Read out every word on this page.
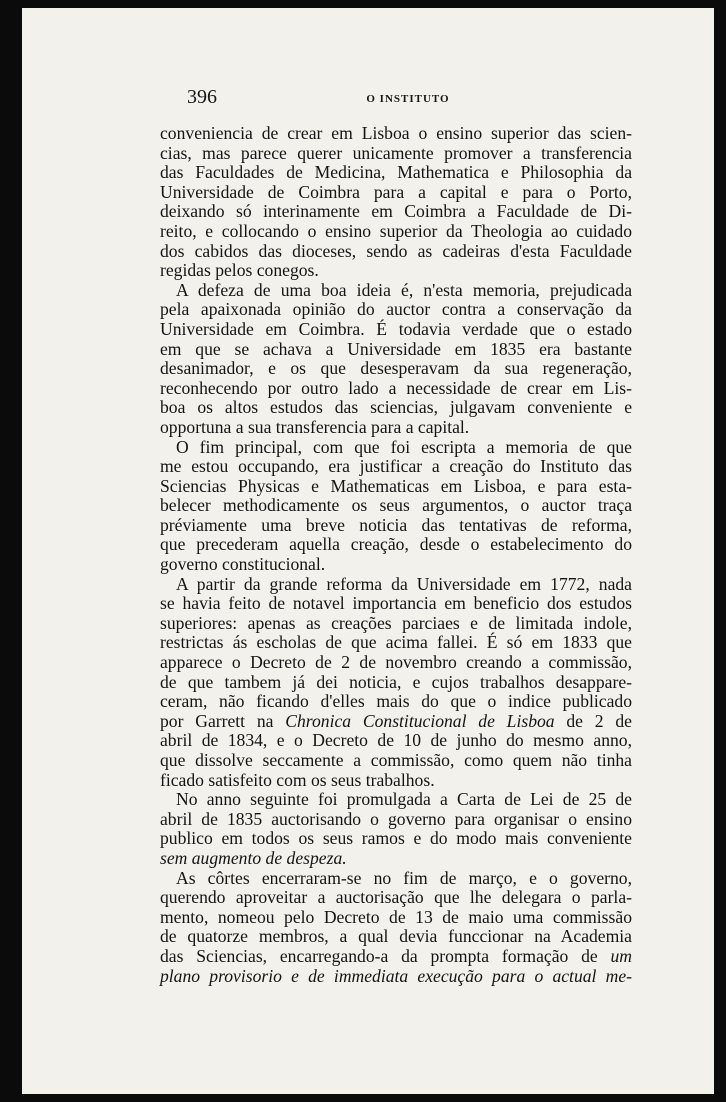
396	O INSTITUTO
conveniencia de crear em Lisboa o ensino superior das scien-
cias, mas parece querer unicamente promover a transferencia
das Faculdades de Medicina, Mathematica e Philosophia da
Universidade de Coimbra para a capital e para o Porto,
deixando só interinamente em Coimbra a Faculdade de Di-
reito, e collocando o ensino superior da Theologia ao cuidado
dos cabidos das dioceses, sendo as cadeiras d'esta Faculdade
regidas pelos conegos.
A defeza de uma boa ideia é, n'esta memoria, prejudicada
pela apaixonada opinião do auctor contra a conservação da
Universidade em Coimbra. É todavia verdade que o estado
em que se achava a Universidade em 1835 era bastante
desanimador, e os que desesperavam da sua regeneração,
reconhecendo por outro lado a necessidade de crear em Lis-
boa os altos estudos das sciencias, julgavam conveniente e
opportuna a sua transferencia para a capital.
O fim principal, com que foi escripta a memoria de que
me estou occupando, era justificar a creação do Instituto das
Sciencias Physicas e Mathematicas em Lisboa, e para esta-
belecer methodicamente os seus argumentos, o auctor traça
préviamente uma breve noticia das tentativas de reforma,
que precederam aquella creação, desde o estabelecimento do
governo constitucional.
A partir da grande reforma da Universidade em 1772, nada
se havia feito de notavel importancia em beneficio dos estudos
superiores: apenas as creações parciaes e de limitada indole,
restrictas ás escholas de que acima fallei. É só em 1833 que
apparece o Decreto de 2 de novembro creando a commissão,
de que tambem já dei noticia, e cujos trabalhos desappare-
ceram, não ficando d'elles mais do que o indice publicado
por Garrett na Chronica Constitucional de Lisboa de 2 de
abril de 1834, e o Decreto de 10 de junho do mesmo anno,
que dissolve seccamente a commissão, como quem não tinha
ficado satisfeito com os seus trabalhos.
No anno seguinte foi promulgada a Carta de Lei de 25 de
abril de 1835 auctorisando o governo para organisar o ensino
publico em todos os seus ramos e do modo mais conveniente
sem augmento de despeza.
As côrtes encerraram-se no fim de março, e o governo,
querendo aproveitar a auctorisação que lhe delegara o parla-
mento, nomeou pelo Decreto de 13 de maio uma commissão
de quatorze membros, a qual devia funccionar na Academia
das Sciencias, encarregando-a da prompta formação de um
plano provisorio e de immediata execução para o actual me-
